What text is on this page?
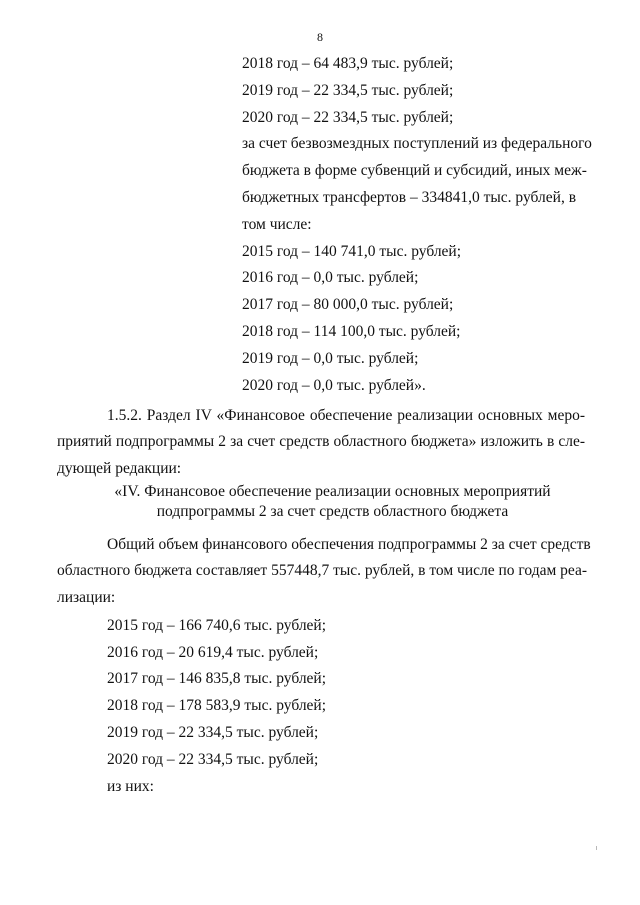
8
2018 год – 64 483,9 тыс. рублей;
2019 год – 22 334,5 тыс. рублей;
2020 год – 22 334,5 тыс. рублей;
за счет безвозмездных поступлений из федерального
бюджета в форме субвенций и субсидий, иных меж-
бюджетных трансфертов – 334841,0 тыс. рублей, в
том числе:
2015 год – 140 741,0 тыс. рублей;
2016 год – 0,0 тыс. рублей;
2017 год – 80 000,0 тыс. рублей;
2018 год – 114 100,0 тыс. рублей;
2019 год – 0,0 тыс. рублей;
2020 год – 0,0 тыс. рублей».
1.5.2. Раздел IV «Финансовое обеспечение реализации основных меро-
приятий подпрограммы 2 за счет средств областного бюджета» изложить в сле-
дующей редакции:
«IV. Финансовое обеспечение реализации основных мероприятий
подпрограммы 2 за счет средств областного бюджета
Общий объем финансового обеспечения подпрограммы 2 за счет средств
областного бюджета составляет 557448,7 тыс. рублей, в том числе по годам реа-
лизации:
2015 год – 166 740,6 тыс. рублей;
2016 год – 20 619,4 тыс. рублей;
2017 год – 146 835,8 тыс. рублей;
2018 год – 178 583,9 тыс. рублей;
2019 год – 22 334,5 тыс. рублей;
2020 год – 22 334,5 тыс. рублей;
из них:
